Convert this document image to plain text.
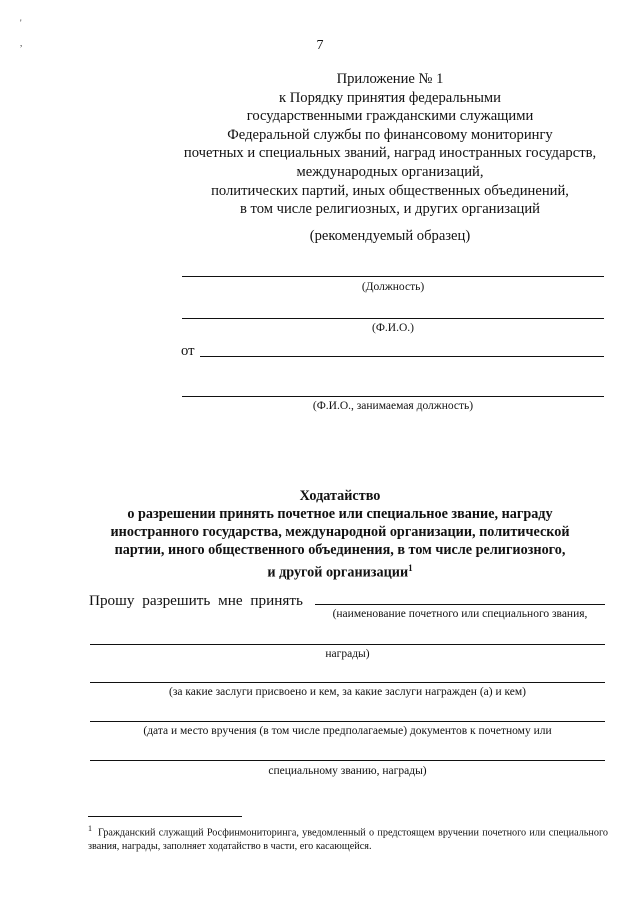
'

,	7
Приложение № 1
к Порядку принятия федеральными
государственными гражданскими служащими
Федеральной службы по финансовому мониторингу
почетных и специальных званий, наград иностранных государств,
международных организаций,
политических партий, иных общественных объединений,
в том числе религиозных, и других организаций
(рекомендуемый образец)
(Должность)
(Ф.И.О.)
от
(Ф.И.О., занимаемая должность)
Ходатайство
о разрешении принять почетное или специальное звание, награду
иностранного государства, международной организации, политической
партии, иного общественного объединения, в том числе религиозного,
и другой организации$^1$
Прошу разрешить мне принять
(наименование почетного или специального звания,
награды)
(за какие заслуги присвоено и кем, за какие заслуги награжден (а) и кем)
(дата и место вручения (в том числе предполагаемые) документов к почетному или
специальному званию, награды)
$^1$ Гражданский служащий Росфинмониторинга, уведомленный о предстоящем вручении почетного или специального звания, награды, заполняет ходатайство в части, его касающейся.
